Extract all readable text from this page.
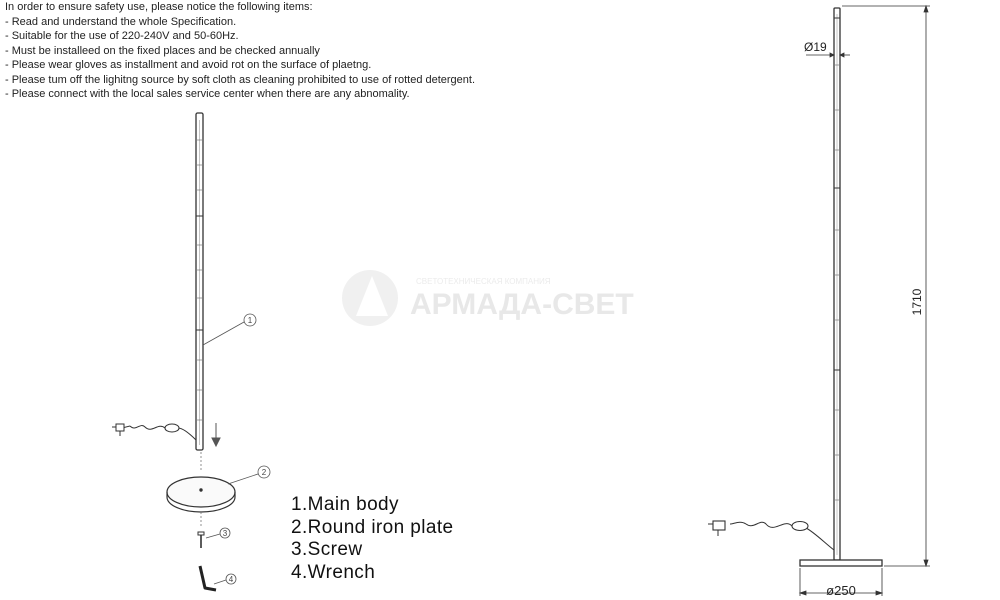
In order to ensure safety use, please notice the following items:
- Read and understand the whole Specification.
- Suitable for the use of 220-240V and 50-60Hz.
- Must be installeed on the fixed places and be checked annually
- Please wear gloves as installment and avoid rot on the surface of plaetng.
- Please tum off the lighitng source by soft cloth as cleaning prohibited to use of rotted detergent.
- Please connect with the local sales service center when there are any abnomality.
АРМАДА-СВЕТ
СВЕТОТЕХНИЧЕСКАЯ КОМПАНИЯ
1
2
3
4
Ø19
1710
ø250
1.Main body
2.Round iron plate
3.Screw
4.Wrench
